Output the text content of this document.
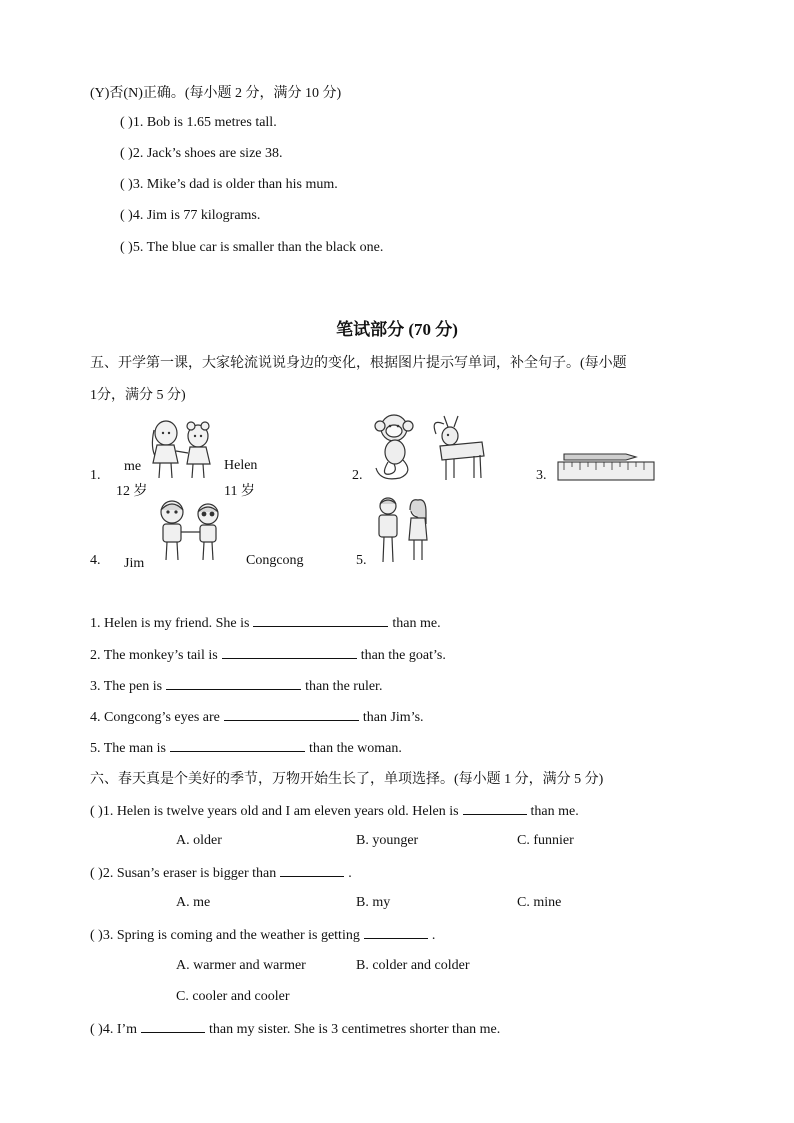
(Y)否(N)正确。(每小题 2 分，满分 10 分)
( )1. Bob is 1.65 metres tall.
( )2. Jack’s shoes are size 38.
( )3. Mike’s dad is older than his mum.
( )4. Jim is 77 kilograms.
( )5. The blue car is smaller than the black one.
笔试部分 (70 分)
五、开学第一课，大家轮流说说身边的变化，根据图片提示写单词，补全句子。(每小题
1分，满分 5 分)
1.
me
12 岁
Helen
11 岁
2.	3.
4. Jim	Congcong	5.
1. Helen is my friend. She is	than me.
2. The monkey’s tail is	than the goat’s.
3. The pen is	than the ruler.
4. Congcong’s eyes are	than Jim’s.
5. The man is	than the woman.
六、春天真是个美好的季节，万物开始生长了，单项选择。(每小题 1 分，满分 5 分)
( )1. Helen is twelve years old and I am eleven years old. Helen is	than me.
A. older	B. younger	C. funnier
( )2. Susan’s eraser is bigger than	.
A. me	B. my	C. mine
( )3. Spring is coming and the weather is getting	.
A. warmer and warmer	B. colder and colder
C. cooler and cooler
( )4. I’m	than my sister. She is 3 centimetres shorter than me.
